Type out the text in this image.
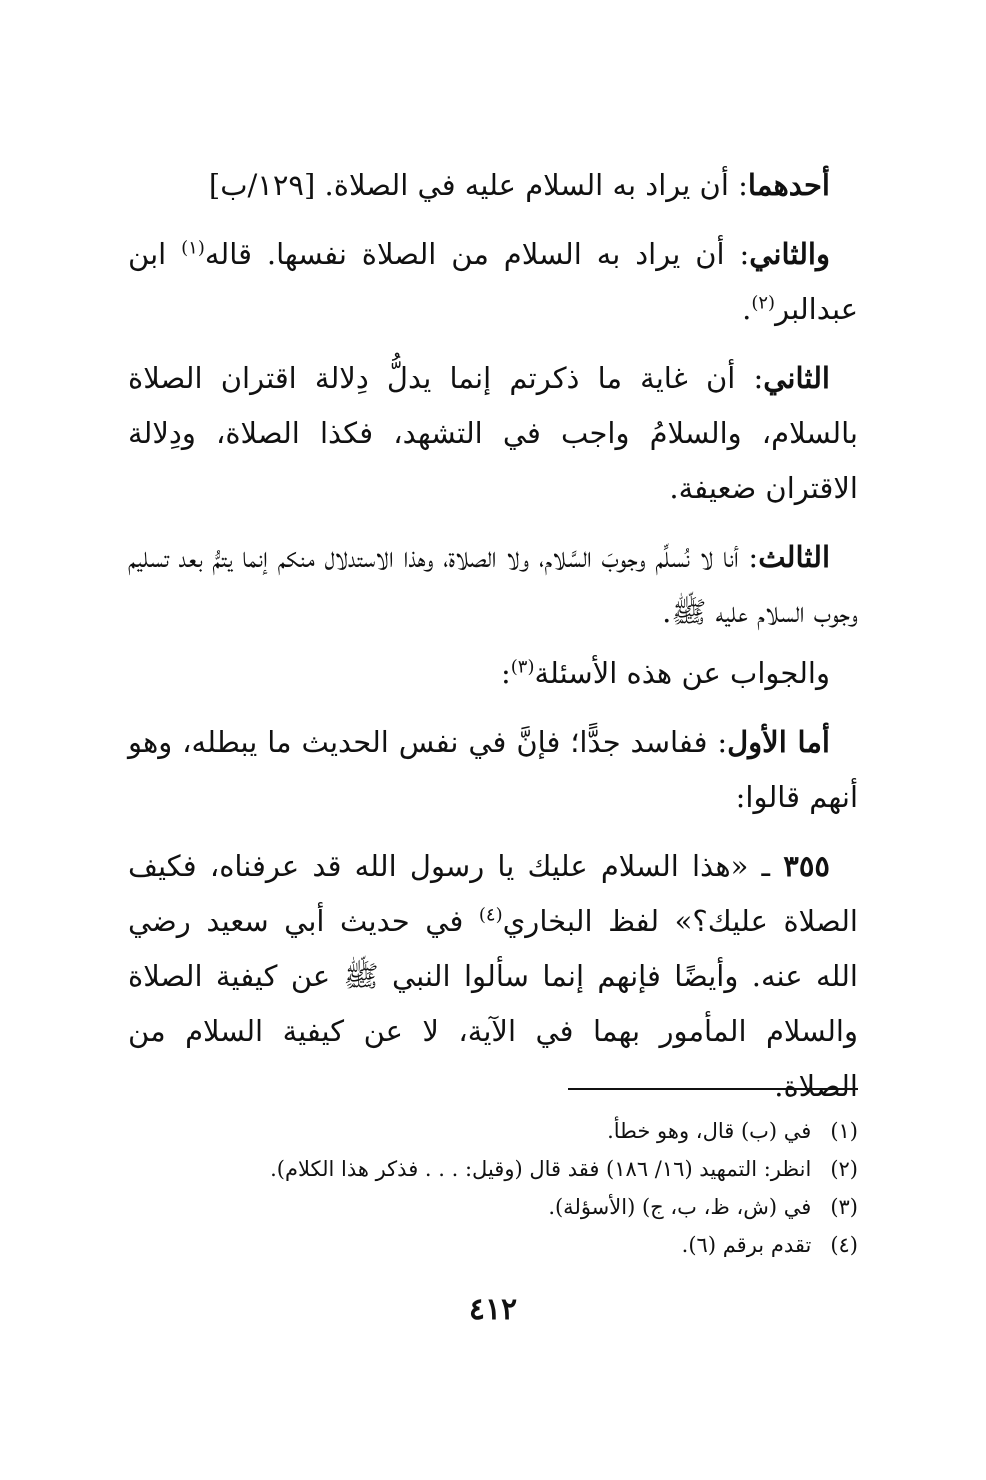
أحدهما: أن يراد به السلام عليه في الصلاة. [١٢٩/ب]

والثاني: أن يراد به السلام من الصلاة نفسها. قاله$^{(١)}$ ابن عبدالبر$^{(٢)}$.

الثاني: أن غاية ما ذكرتم إنما يدلُّ دِلالة اقتران الصلاة بالسلام، والسلامُ واجب في التشهد، فكذا الصلاة، ودِلالة الاقتران ضعيفة.

الثالث: أنا لا نُسلِّم وجوبَ السَّلام، ولا الصلاة، وهذا الاستدلال منكم إنما يتمُّ بعد تسليم وجوب السلام عليه ﷺ.

والجواب عن هذه الأسئلة$^{(٣)}$:

أما الأول: ففاسد جدًّا؛ فإنَّ في نفس الحديث ما يبطله، وهو أنهم قالوا:

٣٥٥ ـ «هذا السلام عليك يا رسول الله قد عرفناه، فكيف الصلاة عليك؟» لفظ البخاري$^{(٤)}$ في حديث أبي سعيد رضي الله عنه. وأيضًا فإنهم إنما سألوا النبي ﷺ عن كيفية الصلاة والسلام المأمور بهما في الآية، لا عن كيفية السلام من الصلاة.

(١) في (ب) قال، وهو خطأ.

(٢) انظر: التمهيد (١٦/ ١٨٦) فقد قال (وقيل: . . . فذكر هذا الكلام).

(٣) في (ش، ظ، ب، ج) (الأسؤلة).

(٤) تقدم برقم (٦).

٤١٢
